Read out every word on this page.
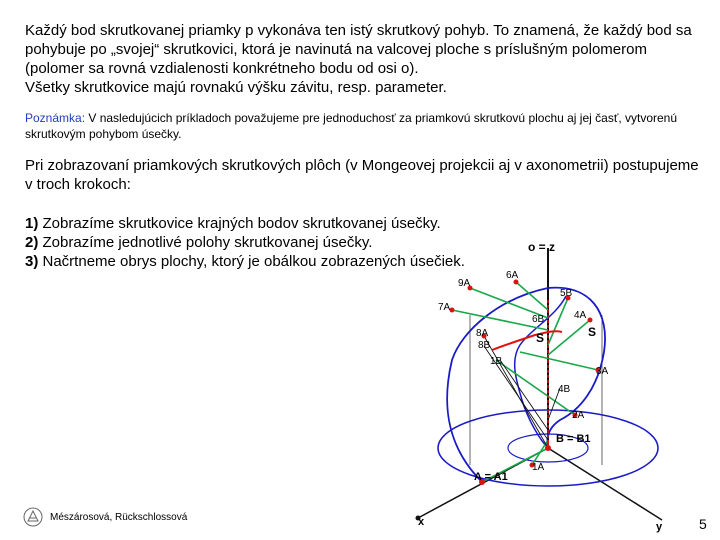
Každý bod skrutkovanej priamky p vykonáva ten istý skrutkový pohyb. To znamená, že každý bod sa pohybuje po „svojej“ skrutkovici, ktorá je navinutá na valcovej ploche s príslušným polomerom (polomer sa rovná vzdialenosti konkrétneho bodu od osi o).
Všetky skrutkovice majú rovnakú výšku závitu, resp. parameter.

Poznámka: V nasledujúcich príkladoch považujeme pre jednoduchosť za priamkovú skrutkovú plochu aj jej časť, vytvorenú skrutkovým pohybom úsečky.

Pri zobrazovaní priamkových skrutkových plôch (v Mongeovej projekcii aj v axonometrii) postupujeme v troch krokoch:

1) Zobrazíme skrutkovice krajných bodov skrutkovanej úsečky.
2) Zobrazíme jednotlivé polohy skrutkovanej úsečky.
3) Načrtneme obrys plochy, ktorý je obálkou zobrazených úsečiek.
o = z
x	y
6A
9A
7A
5B
6B	4A
S
8A
8B
S
1B
3A
4B
2A
B = B1
1A
A = A1
Mészárosová, Rückschlossová	5
